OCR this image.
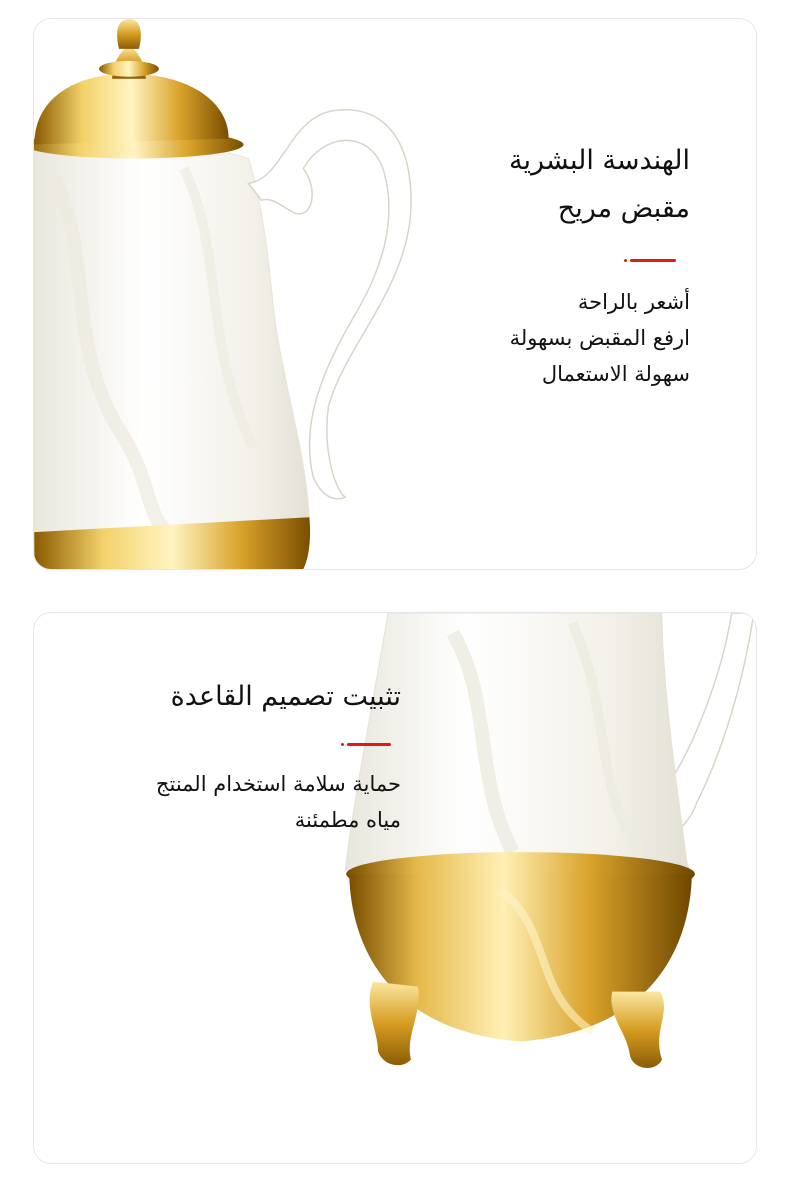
الهندسة البشرية

مقبض مريح

أشعر بالراحة

ارفع المقبض بسهولة

سهولة الاستعمال

تثبيت تصميم القاعدة

حماية سلامة استخدام المنتج

مياه مطمئنة
